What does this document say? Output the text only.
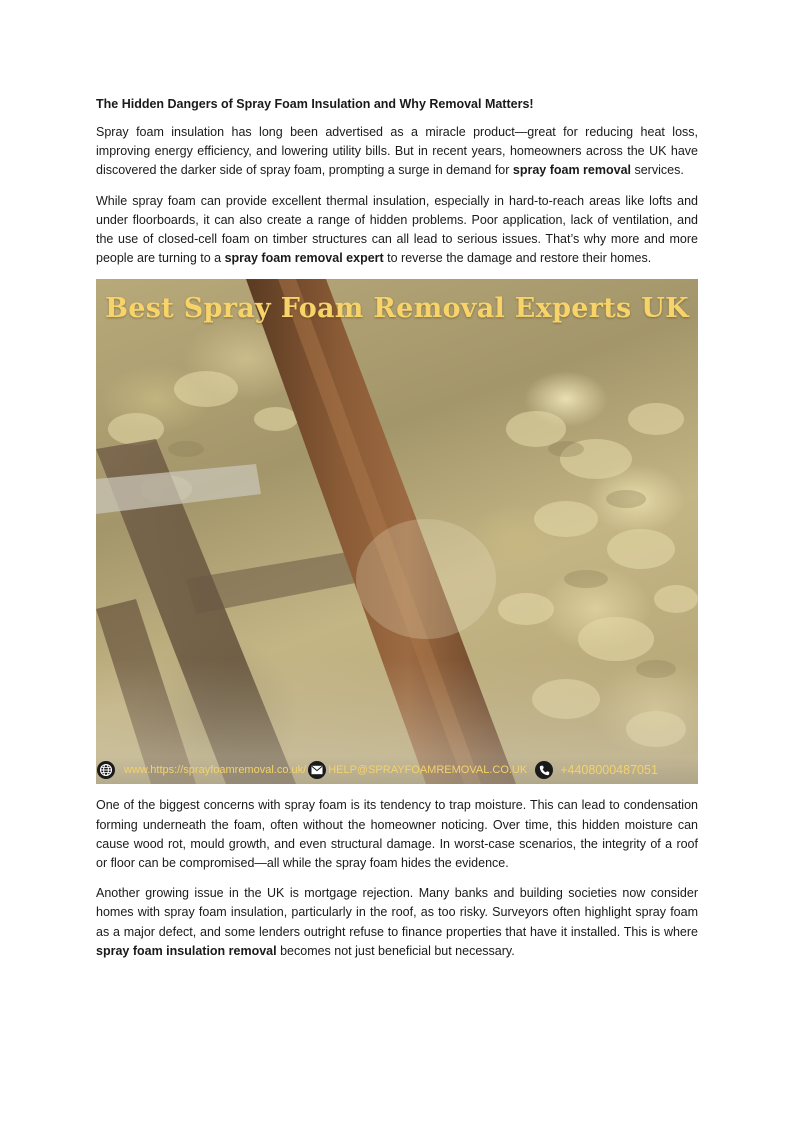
The Hidden Dangers of Spray Foam Insulation and Why Removal Matters!

Spray foam insulation has long been advertised as a miracle product—great for reducing heat loss, improving energy efficiency, and lowering utility bills. But in recent years, homeowners across the UK have discovered the darker side of spray foam, prompting a surge in demand for spray foam removal services.

While spray foam can provide excellent thermal insulation, especially in hard-to-reach areas like lofts and under floorboards, it can also create a range of hidden problems. Poor application, lack of ventilation, and the use of closed-cell foam on timber structures can all lead to serious issues. That’s why more and more people are turning to a spray foam removal expert to reverse the damage and restore their homes.

Best Spray Foam Removal Experts UK
www.https://sprayfoamremoval.co.uk/ HELP@SPRAYFOAMREMOVAL.CO.UK	+4408000487051

One of the biggest concerns with spray foam is its tendency to trap moisture. This can lead to condensation forming underneath the foam, often without the homeowner noticing. Over time, this hidden moisture can cause wood rot, mould growth, and even structural damage. In worst-case scenarios, the integrity of a roof or floor can be compromised—all while the spray foam hides the evidence.

Another growing issue in the UK is mortgage rejection. Many banks and building societies now consider homes with spray foam insulation, particularly in the roof, as too risky. Surveyors often highlight spray foam as a major defect, and some lenders outright refuse to finance properties that have it installed. This is where spray foam insulation removal becomes not just beneficial but necessary.
